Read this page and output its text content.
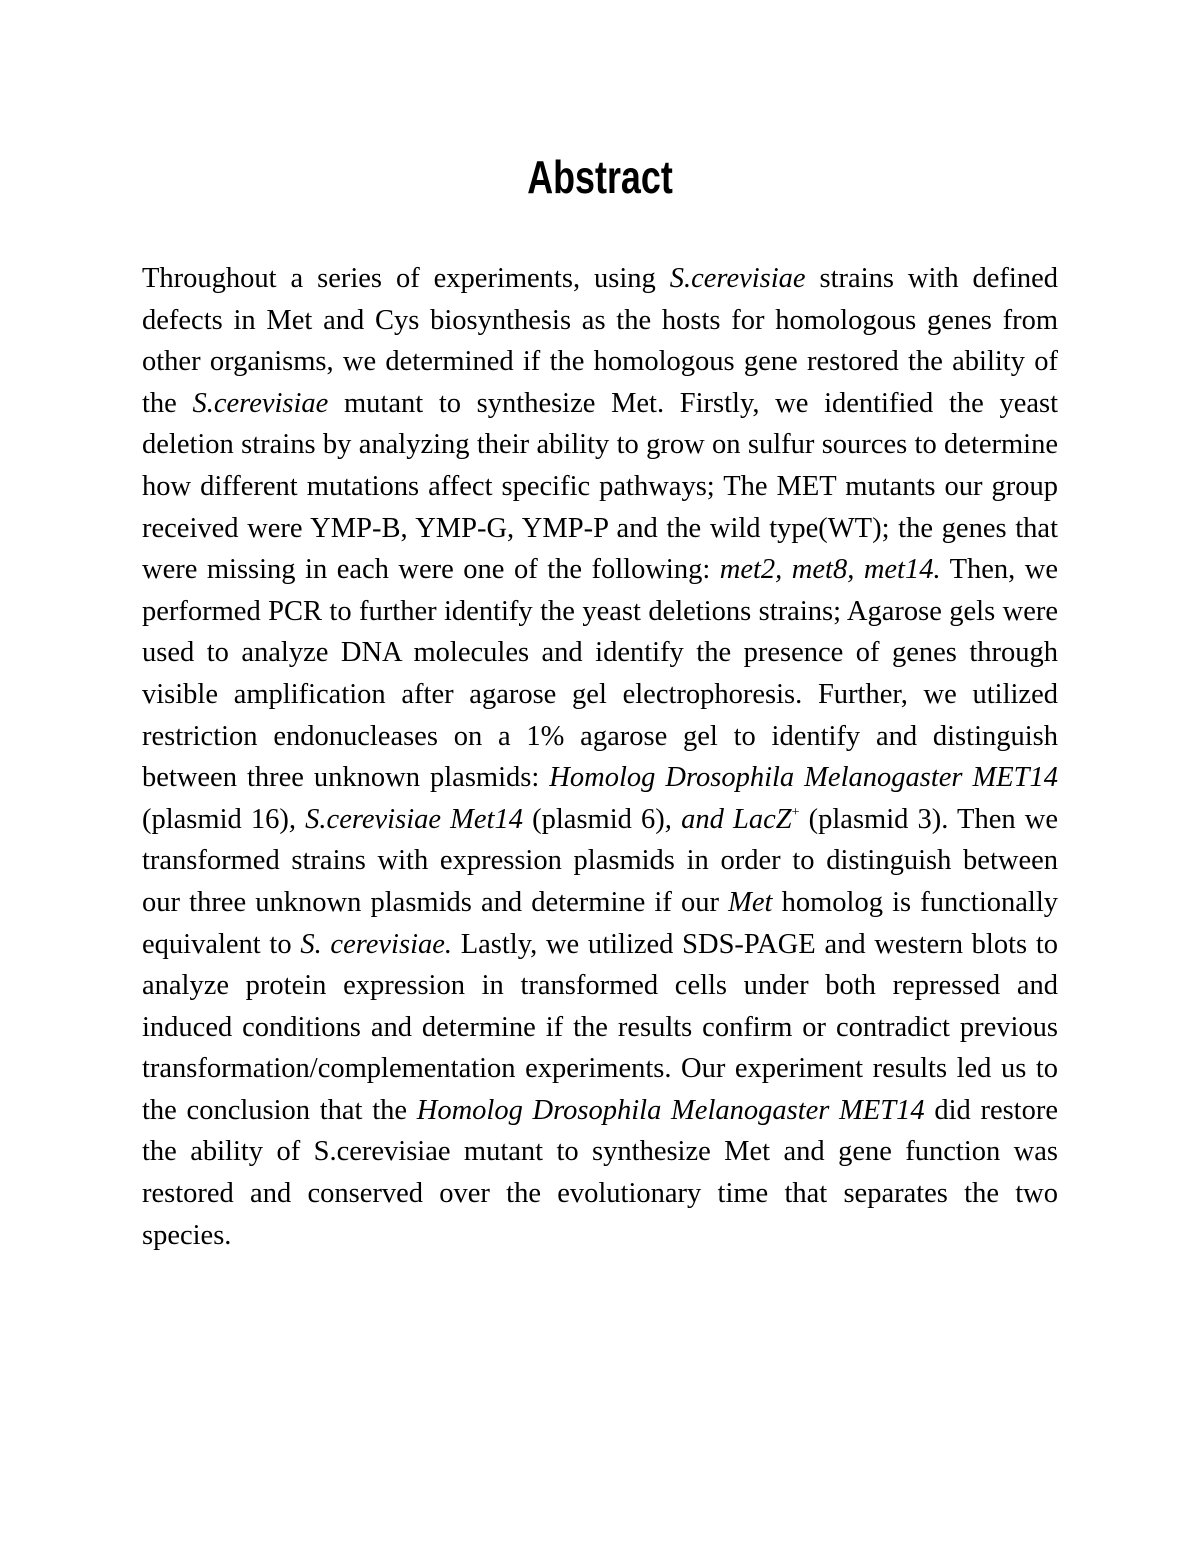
Abstract

Throughout a series of experiments, using S.cerevisiae strains with defined defects in Met and Cys biosynthesis as the hosts for homologous genes from other organisms, we determined if the homologous gene restored the ability of the S.cerevisiae mutant to synthesize Met. Firstly, we identified the yeast deletion strains by analyzing their ability to grow on sulfur sources to determine how different mutations affect specific pathways; The MET mutants our group received were YMP-B, YMP-G, YMP-P and the wild type(WT); the genes that were missing in each were one of the following: met2, met8, met14. Then, we performed PCR to further identify the yeast deletions strains; Agarose gels were used to analyze DNA molecules and identify the presence of genes through visible amplification after agarose gel electrophoresis. Further, we utilized restriction endonucleases on a 1% agarose gel to identify and distinguish between three unknown plasmids: Homolog Drosophila Melanogaster MET14 (plasmid 16), S.cerevisiae Met14 (plasmid 6), and LacZ+ (plasmid 3). Then we transformed strains with expression plasmids in order to distinguish between our three unknown plasmids and determine if our Met homolog is functionally equivalent to S. cerevisiae. Lastly, we utilized SDS-PAGE and western blots to analyze protein expression in transformed cells under both repressed and induced conditions and determine if the results confirm or contradict previous transformation/complementation experiments. Our experiment results led us to the conclusion that the Homolog Drosophila Melanogaster MET14 did restore the ability of S.cerevisiae mutant to synthesize Met and gene function was restored and conserved over the evolutionary time that separates the two species.
